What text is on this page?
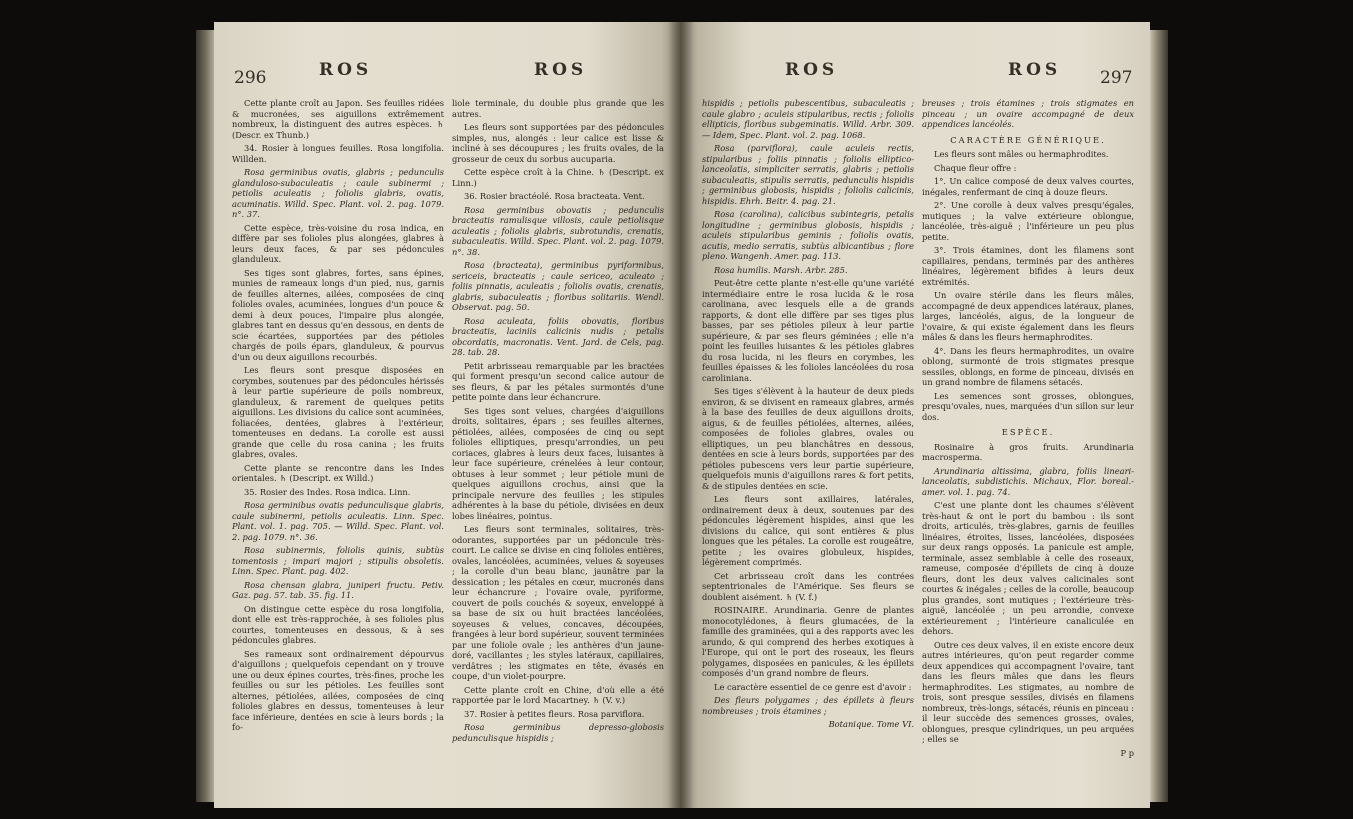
296	ROS	ROS

Cette plante croît au Japon. Ses feuilles ridées & mucronées, ses aiguillons extrêmement nombreux, la distinguent des autres espèces. ♄ (Descr. ex Thunb.)

34. Rosier à longues feuilles. Rosa longifolia. Willden.

Rosa germinibus ovatis, glabris ; pedunculis glanduloso-subaculeatis ; caule subinermi ; petiolis aculeatis ; foliolis glabris, ovatis, acuminatis. Willd. Spec. Plant. vol. 2. pag. 1079. n°. 37.

Cette espèce, très-voisine du rosa indica, en diffère par ses folioles plus alongées, glabres à leurs deux faces, & par ses pédoncules glanduleux.

Ses tiges sont glabres, fortes, sans épines, munies de rameaux longs d'un pied, nus, garnis de feuilles alternes, ailées, composées de cinq folioles ovales, acuminées, longues d'un pouce & demi à deux pouces, l'impaire plus alongée, glabres tant en dessus qu'en dessous, en dents de scie écartées, supportées par des pétioles chargés de poils épars, glanduleux, & pourvus d'un ou deux aiguillons recourbés.

Les fleurs sont presque disposées en corymbes, soutenues par des pédoncules hérissés à leur partie supérieure de poils nombreux, glanduleux, & rarement de quelques petits aiguillons. Les divisions du calice sont acuminées, foliacées, dentées, glabres à l'extérieur, tomenteuses en dedans. La corolle est aussi grande que celle du rosa canina ; les fruits glabres, ovales.

Cette plante se rencontre dans les Indes orientales. ♄ (Descript. ex Willd.)

35. Rosier des Indes. Rosa indica. Linn.

Rosa germinibus ovatis pedunculisque glabris, caule subinermi, petiolis aculeatis. Linn. Spec. Plant. vol. 1. pag. 705. — Willd. Spec. Plant. vol. 2. pag. 1079. n°. 36.

Rosa subinermis, foliolis quinis, subtùs tomentosis ; impari majori ; stipulis obsoletis. Linn. Spec. Plant. pag. 402.

Rosa chensan glabra, juniperi fructu. Petiv. Gaz. pag. 57. tab. 35. fig. 11.

On distingue cette espèce du rosa longifolia, dont elle est très-rapprochée, à ses folioles plus courtes, tomenteuses en dessous, & à ses pédoncules glabres.

Ses rameaux sont ordinairement dépourvus d'aiguillons ; quelquefois cependant on y trouve une ou deux épines courtes, très-fines, proche les feuilles ou sur les pétioles. Les feuilles sont alternes, pétiolées, ailées, composées de cinq folioles glabres en dessus, tomenteuses à leur face inférieure, dentées en scie à leurs bords ; la fo-

liole terminale, du double plus grande que les autres.

Les fleurs sont supportées par des pédoncules simples, nus, alongés : leur calice est lisse & incliné à ses découpures ; les fruits ovales, de la grosseur de ceux du sorbus aucuparia.

Cette espèce croît à la Chine. ♄ (Descript. ex Linn.)

36. Rosier bractéolé. Rosa bracteata. Vent.

Rosa germinibus obovatis ; pedunculis bracteatis ramulisque villosis, caule petiolisque aculeatis ; foliolis glabris, subrotundis, crenatis, subaculeatis. Willd. Spec. Plant. vol. 2. pag. 1079. n°. 38.

Rosa (bracteata), germinibus pyriformibus, sericeis, bracteatis ; caule sericeo, aculeato ; foliis pinnatis, aculeatis ; foliolis ovatis, crenatis, glabris, subaculeatis ; floribus solitariis. Wendl. Observat. pag. 50.

Rosa aculeata, foliis obovatis, floribus bracteatis, laciniis calicinis nudis ; petalis obcordatis, macronatis. Vent. Jard. de Cels, pag. 28. tab. 28.

Petit arbrisseau remarquable par les bractées qui forment presqu'un second calice autour de ses fleurs, & par les pétales surmontés d'une petite pointe dans leur échancrure.

Ses tiges sont velues, chargées d'aiguillons droits, solitaires, épars ; ses feuilles alternes, pétiolées, ailées, composées de cinq ou sept folioles elliptiques, presqu'arrondies, un peu coriaces, glabres à leurs deux faces, luisantes à leur face supérieure, crénelées à leur contour, obtuses à leur sommet ; leur pétiole muni de quelques aiguillons crochus, ainsi que la principale nervure des feuilles ; les stipules adhérentes à la base du pétiole, divisées en deux lobes linéaires, pointus.

Les fleurs sont terminales, solitaires, très-odorantes, supportées par un pédoncule très-court. Le calice se divise en cinq folioles entières, ovales, lancéolées, acuminées, velues & soyeuses ; la corolle d'un beau blanc, jaunâtre par la dessication ; les pétales en cœur, mucronés dans leur échancrure ; l'ovaire ovale, pyriforme, couvert de poils couchés & soyeux, enveloppé à sa base de six ou huit bractées lancéolées, soyeuses & velues, concaves, découpées, frangées à leur bord supérieur, souvent terminées par une foliole ovale ; les anthères d'un jaune-doré, vacillantes ; les styles latéraux, capillaires, verdâtres ; les stigmates en tête, évasés en coupe, d'un violet-pourpre.

Cette plante croît en Chine, d'où elle a été rapportée par le lord Macartney. ♄ (V. v.)

37. Rosier à petites fleurs. Rosa parviflora.

Rosa germinibus depresso-globosis pedunculisque hispidis ;

ROS	ROS 297

hispidis ; petiolis pubescentibus, subaculeatis ; caule glabro ; aculeis stipularibus, rectis ; foliolis ellipticis, floribus subgeminatis. Willd. Arbr. 309. — Idem, Spec. Plant. vol. 2. pag. 1068.

Rosa (parviflora), caule aculeis rectis, stipularibus ; foliis pinnatis ; foliolis elliptico-lanceolatis, simpliciter serratis, glabris ; petiolis subaculeatis, stipulis serratis, pedunculis hispidis ; germinibus globosis, hispidis ; foliolis calicinis, hispidis. Ehrh. Beitr. 4. pag. 21.

Rosa (carolina), calicibus subintegris, petalis longitudine ; germinibus globosis, hispidis ; aculeis stipularibus geminis ; foliolis ovatis, acutis, medio serratis, subtùs albicantibus ; flore pleno. Wangenh. Amer. pag. 113.

Rosa humilis. Marsh. Arbr. 285.

Peut-être cette plante n'est-elle qu'une variété intermédiaire entre le rosa lucida & le rosa carolinana, avec lesquels elle a de grands rapports, & dont elle diffère par ses tiges plus basses, par ses pétioles pileux à leur partie supérieure, & par ses fleurs géminées ; elle n'a point les feuilles luisantes & les pétioles glabres du rosa lucida, ni les fleurs en corymbes, les feuilles épaisses & les folioles lancéolées du rosa caroliniana.

Ses tiges s'élèvent à la hauteur de deux pieds environ, & se divisent en rameaux glabres, armés à la base des feuilles de deux aiguillons droits, aigus, & de feuilles pétiolées, alternes, ailées, composées de folioles glabres, ovales ou elliptiques, un peu blanchâtres en dessous, dentées en scie à leurs bords, supportées par des pétioles pubescens vers leur partie supérieure, quelquefois munis d'aiguillons rares & fort petits, & de stipules dentées en scie.

Les fleurs sont axillaires, latérales, ordinairement deux à deux, soutenues par des pédoncules légèrement hispides, ainsi que les divisions du calice, qui sont entières & plus longues que les pétales. La corolle est rougeâtre, petite ; les ovaires globuleux, hispides, légèrement comprimés.

Cet arbrisseau croît dans les contrées septentrionales de l'Amérique. Ses fleurs se doublent aisément. ♄ (V. f.)

ROSINAIRE. Arundinaria. Genre de plantes monocotylédones, à fleurs glumacées, de la famille des graminées, qui a des rapports avec les arundo, & qui comprend des herbes exotiques à l'Europe, qui ont le port des roseaux, les fleurs polygames, disposées en panicules, & les épillets composés d'un grand nombre de fleurs.

Le caractère essentiel de ce genre est d'avoir :

Des fleurs polygames ; des épillets à fleurs nombreuses ; trois étamines ;

Botanique. Tome VI.

breuses ; trois étamines ; trois stigmates en pinceau ; un ovaire accompagné de deux appendices lancéolés.

CARACTÈRE GÉNÉRIQUE.

Les fleurs sont mâles ou hermaphrodites.

Chaque fleur offre :

1°. Un calice composé de deux valves courtes, inégales, renfermant de cinq à douze fleurs.

2°. Une corolle à deux valves presqu'égales, mutiques ; la valve extérieure oblongue, lancéolée, très-aiguë ; l'inférieure un peu plus petite.

3°. Trois étamines, dont les filamens sont capillaires, pendans, terminés par des anthères linéaires, légèrement bifides à leurs deux extrémités.

Un ovaire stérile dans les fleurs mâles, accompagné de deux appendices latéraux, planes, larges, lancéolés, aigus, de la longueur de l'ovaire, & qui existe également dans les fleurs mâles & dans les fleurs hermaphrodites.

4°. Dans les fleurs hermaphrodites, un ovaire oblong, surmonté de trois stigmates presque sessiles, oblongs, en forme de pinceau, divisés en un grand nombre de filamens sétacés.

Les semences sont grosses, oblongues, presqu'ovales, nues, marquées d'un sillon sur leur dos.

ESPÈCE.

Rosinaire à gros fruits. Arundinaria macrosperma.

Arundinaria altissima, glabra, foliis lineari-lanceolatis, subdistichis. Michaux, Flor. boreal.-amer. vol. 1. pag. 74.

C'est une plante dont les chaumes s'élèvent très-haut & ont le port du bambou : ils sont droits, articulés, très-glabres, garnis de feuilles linéaires, étroites, lisses, lancéolées, disposées sur deux rangs opposés. La panicule est ample, terminale, assez semblable à celle des roseaux, rameuse, composée d'épillets de cinq à douze fleurs, dont les deux valves calicinales sont courtes & inégales ; celles de la corolle, beaucoup plus grandes, sont mutiques ; l'extérieure très-aiguë, lancéolée ; un peu arrondie, convexe extérieurement ; l'intérieure canaliculée en dehors.

Outre ces deux valves, il en existe encore deux autres intérieures, qu'on peut regarder comme deux appendices qui accompagnent l'ovaire, tant dans les fleurs mâles que dans les fleurs hermaphrodites. Les stigmates, au nombre de trois, sont presque sessiles, divisés en filamens nombreux, très-longs, sétacés, réunis en pinceau : il leur succède des semences grosses, ovales, oblongues, presque cylindriques, un peu arquées ; elles se

P p
